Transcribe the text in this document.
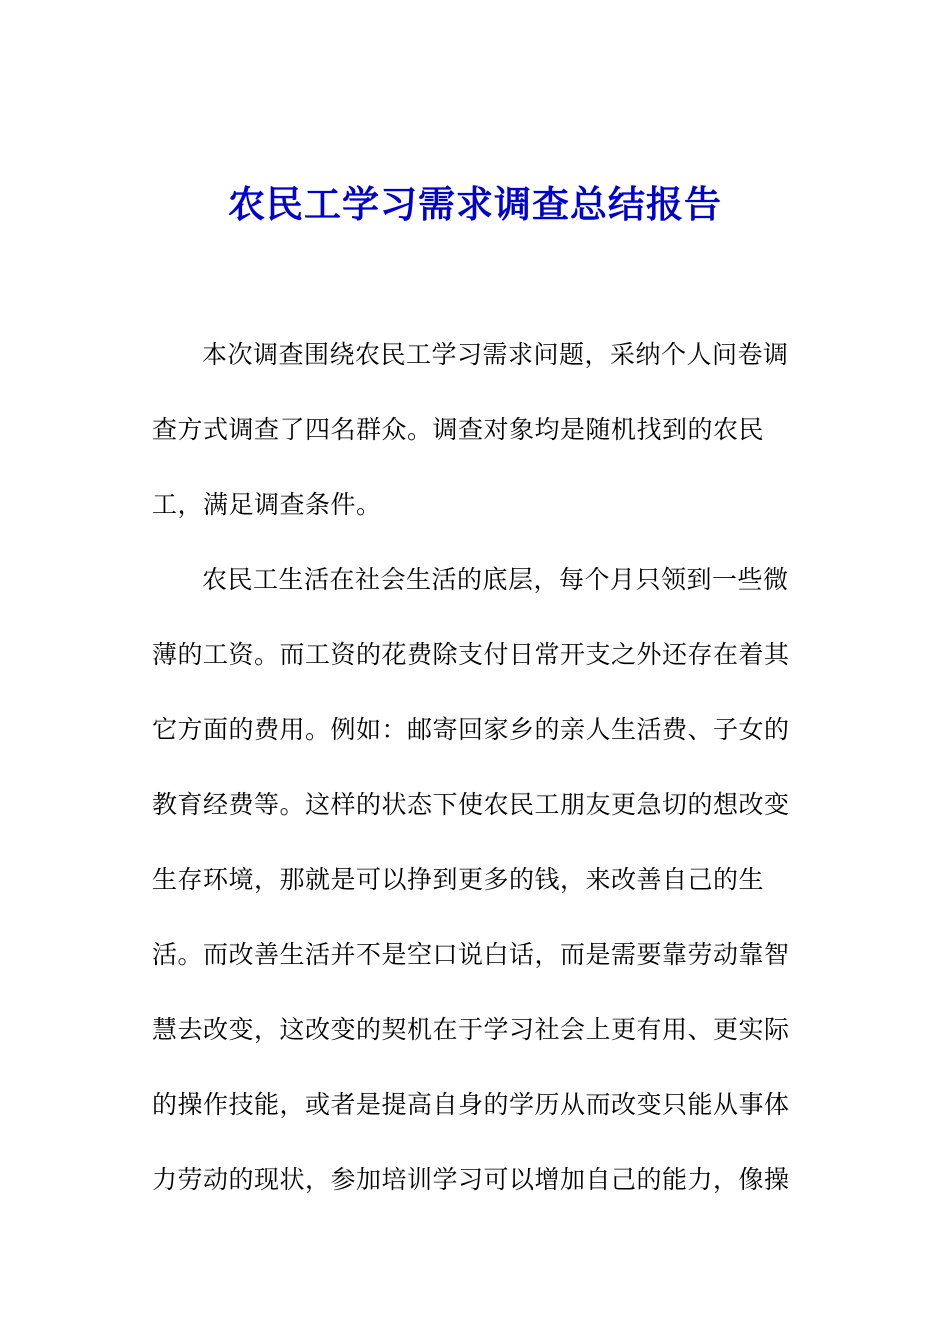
农民工学习需求调查总结报告
本次调查围绕农民工学习需求问题，采纳个人问卷调
查方式调查了四名群众。调查对象均是随机找到的农民
工，满足调查条件。
农民工生活在社会生活的底层，每个月只领到一些微
薄的工资。而工资的花费除支付日常开支之外还存在着其
它方面的费用。例如：邮寄回家乡的亲人生活费、子女的
教育经费等。这样的状态下使农民工朋友更急切的想改变
生存环境，那就是可以挣到更多的钱，来改善自己的生
活。而改善生活并不是空口说白话，而是需要靠劳动靠智
慧去改变，这改变的契机在于学习社会上更有用、更实际
的操作技能，或者是提高自身的学历从而改变只能从事体
力劳动的现状，参加培训学习可以增加自己的能力，像操
